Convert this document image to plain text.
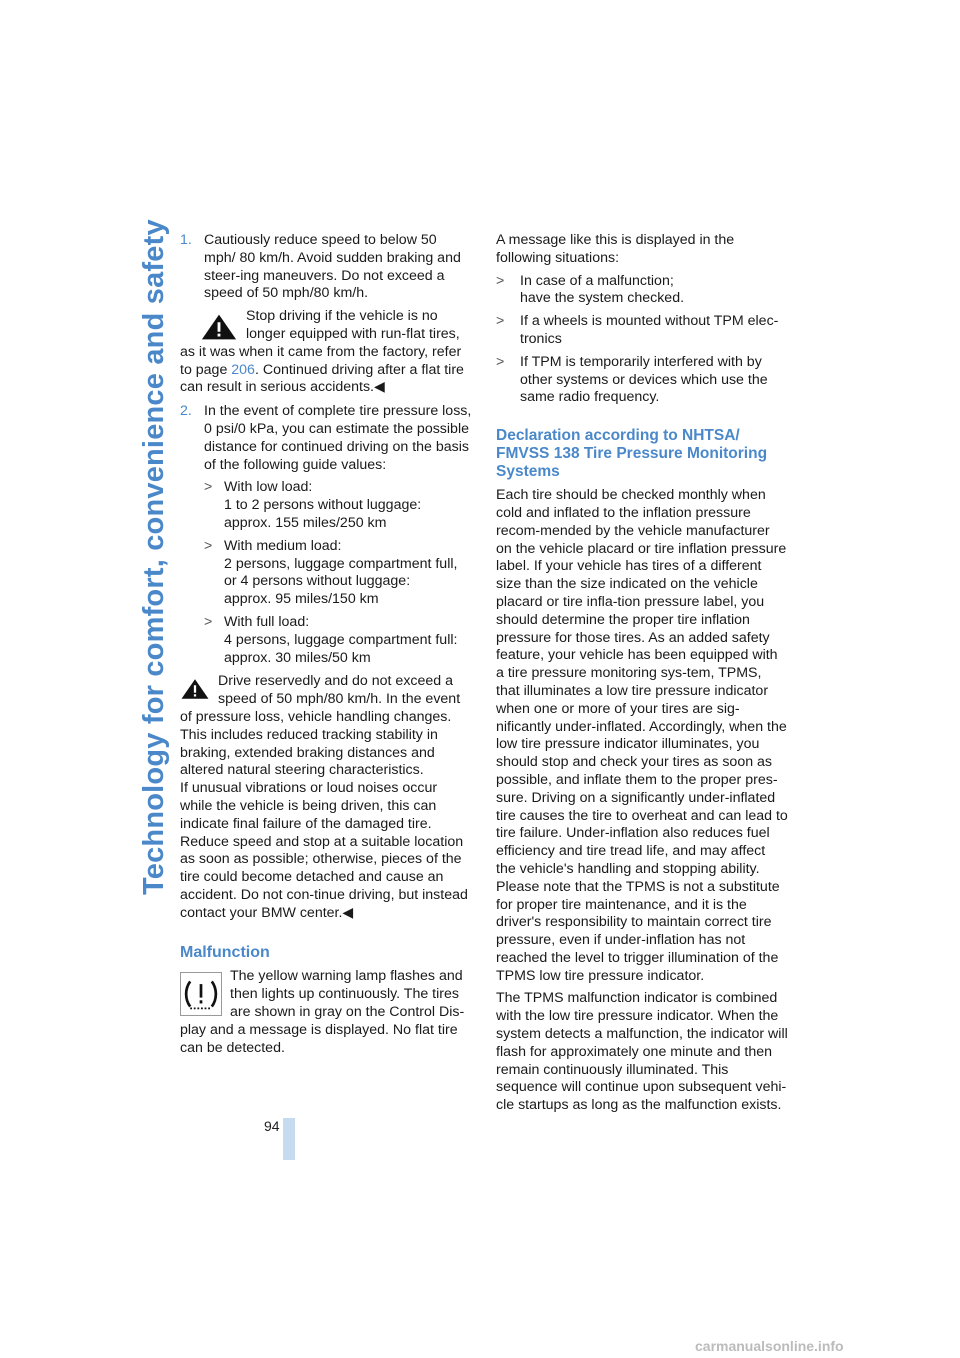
Technology for comfort, convenience and safety 1. Cautiously reduce speed to below 50 mph/ 80 km/h. Avoid sudden braking and steer-ing maneuvers. Do not exceed a speed of 50 mph/80 km/h.
Stop driving if the vehicle is no longer equipped with run-flat tires, as it was when it came from the factory, refer to page 206. Continued driving after a flat tire can result in serious accidents.◀
2. In the event of complete tire pressure loss, 0 psi/0 kPa, you can estimate the possible distance for continued driving on the basis of the following guide values:
> With low load:
1 to 2 persons without luggage:
approx. 155 miles/250 km
> With medium load:
2 persons, luggage compartment full, or 4 persons without luggage:
approx. 95 miles/150 km
> With full load:
4 persons, luggage compartment full:
approx. 30 miles/50 km
Drive reservedly and do not exceed a speed of 50 mph/80 km/h. In the event of pressure loss, vehicle handling changes. This includes reduced tracking stability in braking, extended braking distances and altered natural steering characteristics.
If unusual vibrations or loud noises occur while the vehicle is being driven, this can indicate final failure of the damaged tire. Reduce speed and stop at a suitable location as soon as possible; otherwise, pieces of the tire could become detached and cause an accident. Do not con-tinue driving, but instead contact your BMW center.◀
Malfunction
The yellow warning lamp flashes and then lights up continuously. The tires are shown in gray on the Control Dis-play and a message is displayed. No flat tire can be detected.

A message like this is displayed in the following situations:

> In case of a malfunction;
have the system checked.
> If a wheels is mounted without TPM elec-tronics
> If TPM is temporarily interfered with by other systems or devices which use the same radio frequency.
Declaration according to NHTSA/ FMVSS 138 Tire Pressure Monitoring Systems

Each tire should be checked monthly when cold and inflated to the inflation pressure recom-mended by the vehicle manufacturer on the vehicle placard or tire inflation pressure label. If your vehicle has tires of a different size than the size indicated on the vehicle placard or tire infla-tion pressure label, you should determine the proper tire inflation pressure for those tires. As an added safety feature, your vehicle has been equipped with a tire pressure monitoring sys-tem, TPMS, that illuminates a low tire pressure indicator when one or more of your tires are sig-nificantly under-inflated. Accordingly, when the low tire pressure indicator illuminates, you should stop and check your tires as soon as possible, and inflate them to the proper pres-sure. Driving on a significantly under-inflated tire causes the tire to overheat and can lead to tire failure. Under-inflation also reduces fuel efficiency and tire tread life, and may affect the vehicle's handling and stopping ability. Please note that the TPMS is not a substitute for proper tire maintenance, and it is the driver's responsibility to maintain correct tire pressure, even if under-inflation has not reached the level to trigger illumination of the TPMS low tire pressure indicator.

The TPMS malfunction indicator is combined with the low tire pressure indicator. When the system detects a malfunction, the indicator will flash for approximately one minute and then remain continuously illuminated. This sequence will continue upon subsequent vehi-cle startups as long as the malfunction exists.

94
carmanualsonline.info
